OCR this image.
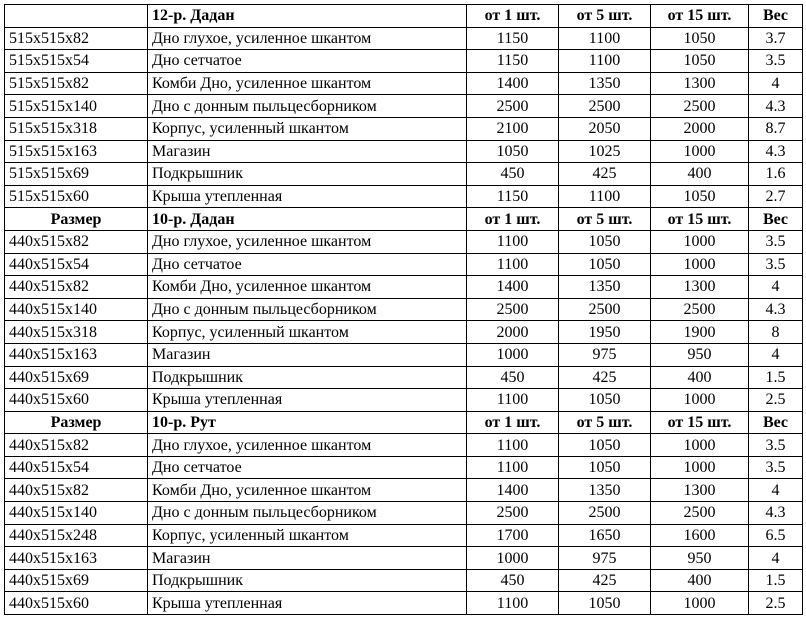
	12-р. Дадан	от 1 шт.	от 5 шт.	от 15 шт.	Вес
515x515x82	Дно глухое, усиленное шкантом	1150	1100	1050	3.7
515x515x54	Дно сетчатое	1150	1100	1050	3.5
515x515x82	Комби Дно, усиленное шкантом	1400	1350	1300	4
515x515x140	Дно с донным пыльцесборником	2500	2500	2500	4.3
515x515x318	Корпус, усиленный шкантом	2100	2050	2000	8.7
515x515x163	Магазин	1050	1025	1000	4.3
515x515x69	Подкрышник	450	425	400	1.6
515x515x60	Крыша утепленная	1150	1100	1050	2.7
Размер	10-р. Дадан	от 1 шт.	от 5 шт.	от 15 шт.	Вес
440x515x82	Дно глухое, усиленное шкантом	1100	1050	1000	3.5
440x515x54	Дно сетчатое	1100	1050	1000	3.5
440x515x82	Комби Дно, усиленное шкантом	1400	1350	1300	4
440x515x140	Дно с донным пыльцесборником	2500	2500	2500	4.3
440x515x318	Корпус, усиленный шкантом	2000	1950	1900	8
440x515x163	Магазин	1000	975	950	4
440x515x69	Подкрышник	450	425	400	1.5
440x515x60	Крыша утепленная	1100	1050	1000	2.5
Размер	10-р. Рут	от 1 шт.	от 5 шт.	от 15 шт.	Вес
440x515x82	Дно глухое, усиленное шкантом	1100	1050	1000	3.5
440x515x54	Дно сетчатое	1100	1050	1000	3.5
440x515x82	Комби Дно, усиленное шкантом	1400	1350	1300	4
440x515x140	Дно с донным пыльцесборником	2500	2500	2500	4.3
440x515x248	Корпус, усиленный шкантом	1700	1650	1600	6.5
440x515x163	Магазин	1000	975	950	4
440x515x69	Подкрышник	450	425	400	1.5
440x515x60	Крыша утепленная	1100	1050	1000	2.5
